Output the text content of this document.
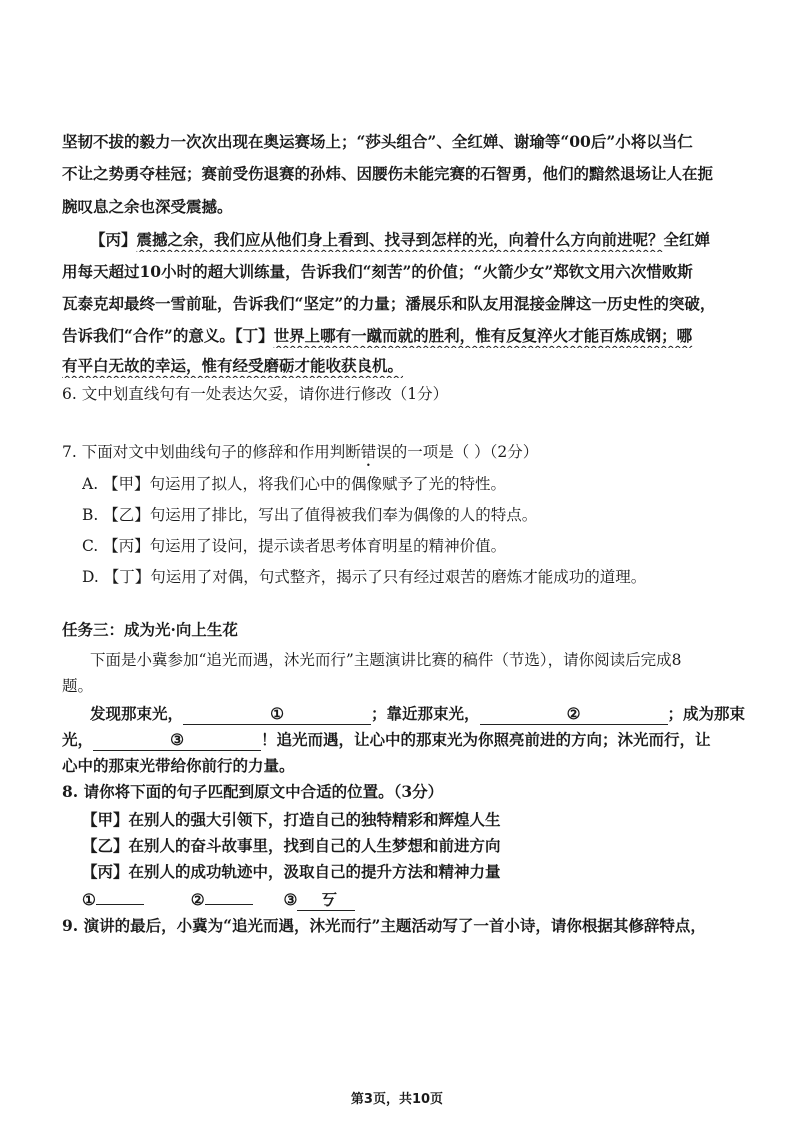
坚韧不拔的毅力一次次出现在奥运赛场上；“莎头组合”、全红婵、谢瑜等“00后”小将以当仁
不让之势勇夺桂冠；赛前受伤退赛的孙炜、因腰伤未能完赛的石智勇，他们的黯然退场让人在扼
腕叹息之余也深受震撼。
【丙】震撼之余，我们应从他们身上看到、找寻到怎样的光，向着什么方向前进呢？全红婵
用每天超过10小时的超大训练量，告诉我们“刻苦”的价值；“火箭少女”郑钦文用六次惜败斯
瓦泰克却最终一雪前耻，告诉我们“坚定”的力量；潘展乐和队友用混接金牌这一历史性的突破，
告诉我们“合作”的意义。【丁】世界上哪有一蹴而就的胜利，惟有反复淬火才能百炼成钢；哪
有平白无故的幸运，惟有经受磨砺才能收获良机。
6. 文中划直线句有一处表达欠妥，请你进行修改（1分）
7. 下面对文中划曲线句子的修辞和作用判断错误的一项是（ ）（2分）
A. 【甲】句运用了拟人，将我们心中的偶像赋予了光的特性。
B. 【乙】句运用了排比，写出了值得被我们奉为偶像的人的特点。
C. 【丙】句运用了设问，提示读者思考体育明星的精神价值。
D. 【丁】句运用了对偶，句式整齐，揭示了只有经过艰苦的磨炼才能成功的道理。
任务三：成为光·向上生花
下面是小冀参加“追光而遇，沐光而行”主题演讲比赛的稿件（节选），请你阅读后完成8
题。
发现那束光，	①	；靠近那束光，	②	；成为那束
光，	③	！追光而遇，让心中的那束光为你照亮前进的方向；沐光而行，让
心中的那束光带给你前行的力量。
8. 请你将下面的句子匹配到原文中合适的位置。（3分）
【甲】在别人的强大引领下，打造自己的独特精彩和辉煌人生
【乙】在别人的奋斗故事里，找到自己的人生梦想和前进方向
【丙】在别人的成功轨迹中，汲取自己的提升方法和精神力量
①	②	③ 丂
9. 演讲的最后，小冀为“追光而遇，沐光而行”主题活动写了一首小诗，请你根据其修辞特点，
第3页，共10页
